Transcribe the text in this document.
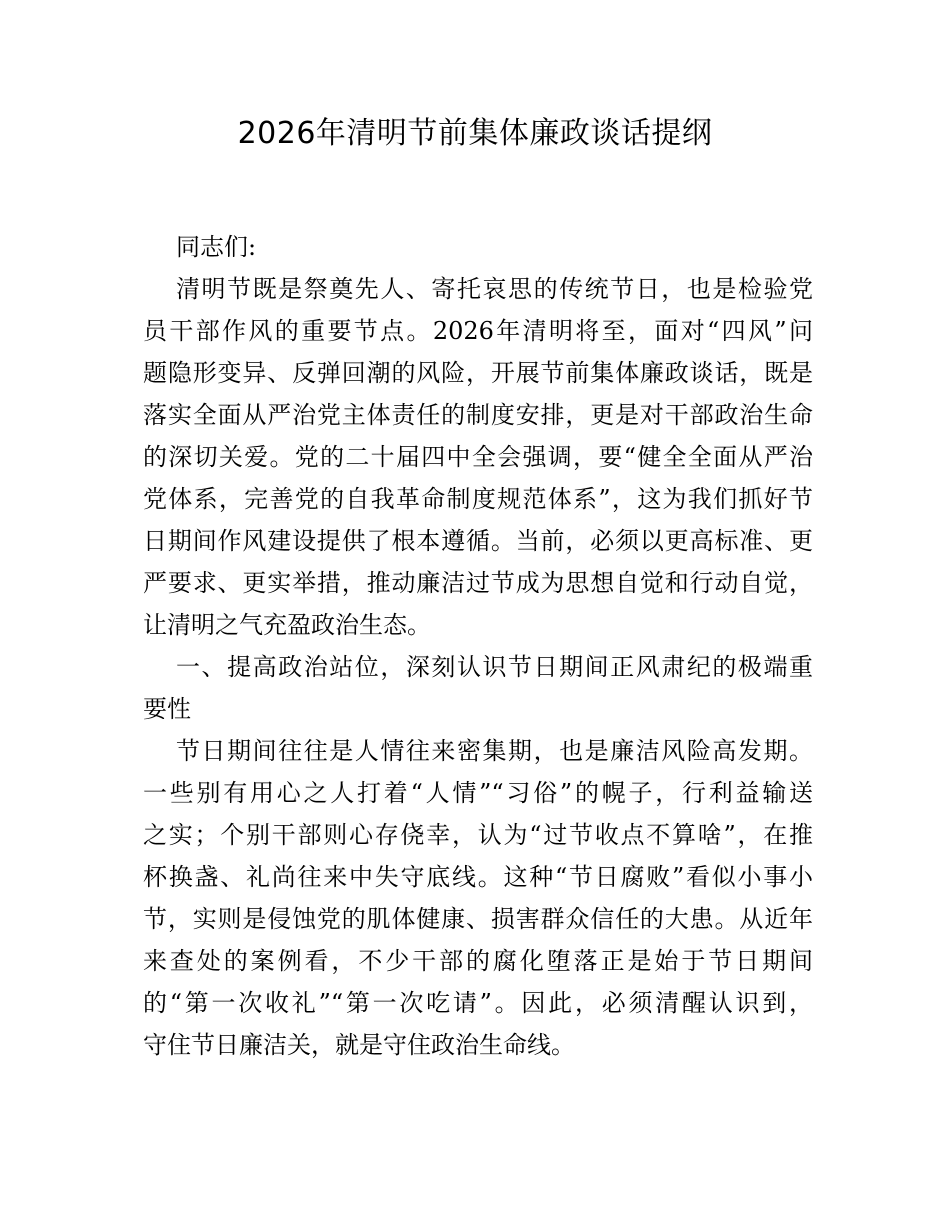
2026年清明节前集体廉政谈话提纲
同志们:
清明节既是祭奠先人、寄托哀思的传统节日，也是检验党
员干部作风的重要节点。2026年清明将至，面对“四风”问
题隐形变异、反弹回潮的风险，开展节前集体廉政谈话，既是
落实全面从严治党主体责任的制度安排，更是对干部政治生命
的深切关爱。党的二十届四中全会强调，要“健全全面从严治
党体系，完善党的自我革命制度规范体系”，这为我们抓好节
日期间作风建设提供了根本遵循。当前，必须以更高标准、更
严要求、更实举措，推动廉洁过节成为思想自觉和行动自觉，
让清明之气充盈政治生态。
一、提高政治站位，深刻认识节日期间正风肃纪的极端重
要性
节日期间往往是人情往来密集期，也是廉洁风险高发期。
一些别有用心之人打着“人情”“习俗”的幌子，行利益输送
之实；个别干部则心存侥幸，认为“过节收点不算啥”，在推
杯换盏、礼尚往来中失守底线。这种“节日腐败”看似小事小
节，实则是侵蚀党的肌体健康、损害群众信任的大患。从近年
来查处的案例看，不少干部的腐化堕落正是始于节日期间
的“第一次收礼”“第一次吃请”。因此，必须清醒认识到，
守住节日廉洁关，就是守住政治生命线。
